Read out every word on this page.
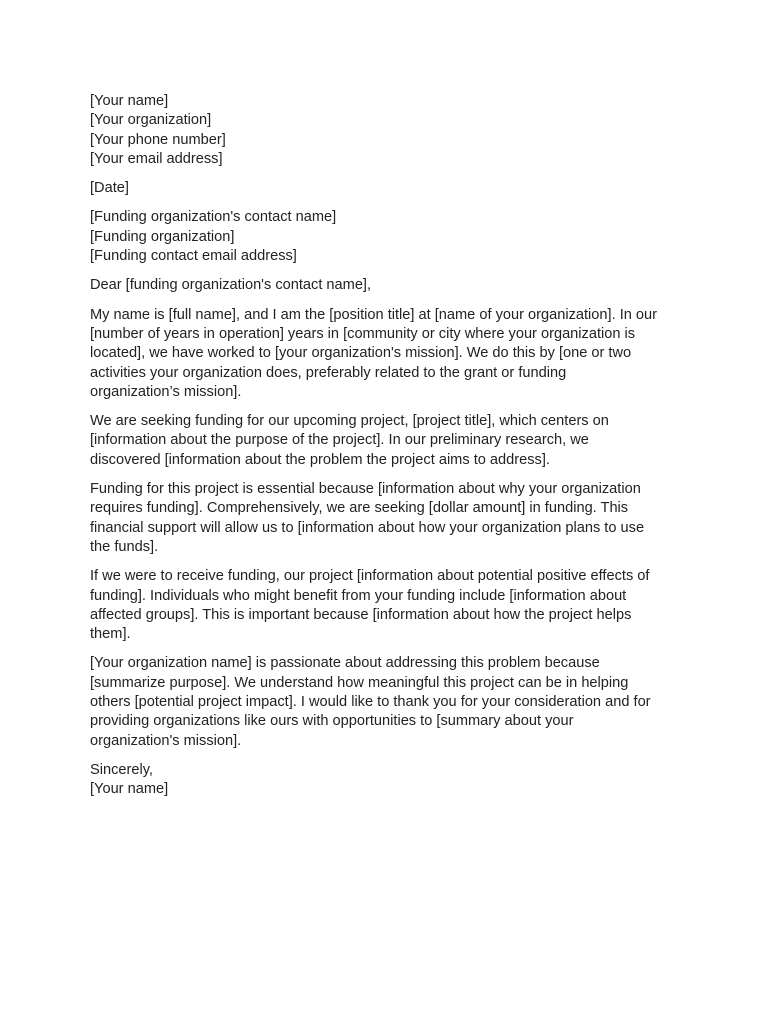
[Your name]
[Your organization]
[Your phone number]
[Your email address]
[Date]
[Funding organization's contact name]
[Funding organization]
[Funding contact email address]
Dear [funding organization's contact name],
My name is [full name], and I am the [position title] at [name of your organization]. In our
[number of years in operation] years in [community or city where your organization is
located], we have worked to [your organization's mission]. We do this by [one or two
activities your organization does, preferably related to the grant or funding
organization’s mission].
We are seeking funding for our upcoming project, [project title], which centers on
[information about the purpose of the project]. In our preliminary research, we
discovered [information about the problem the project aims to address].
Funding for this project is essential because [information about why your organization
requires funding]. Comprehensively, we are seeking [dollar amount] in funding. This
financial support will allow us to [information about how your organization plans to use
the funds].
If we were to receive funding, our project [information about potential positive effects of
funding]. Individuals who might benefit from your funding include [information about
affected groups]. This is important because [information about how the project helps
them].
[Your organization name] is passionate about addressing this problem because
[summarize purpose]. We understand how meaningful this project can be in helping
others [potential project impact]. I would like to thank you for your consideration and for
providing organizations like ours with opportunities to [summary about your
organization's mission].
Sincerely,
[Your name]
